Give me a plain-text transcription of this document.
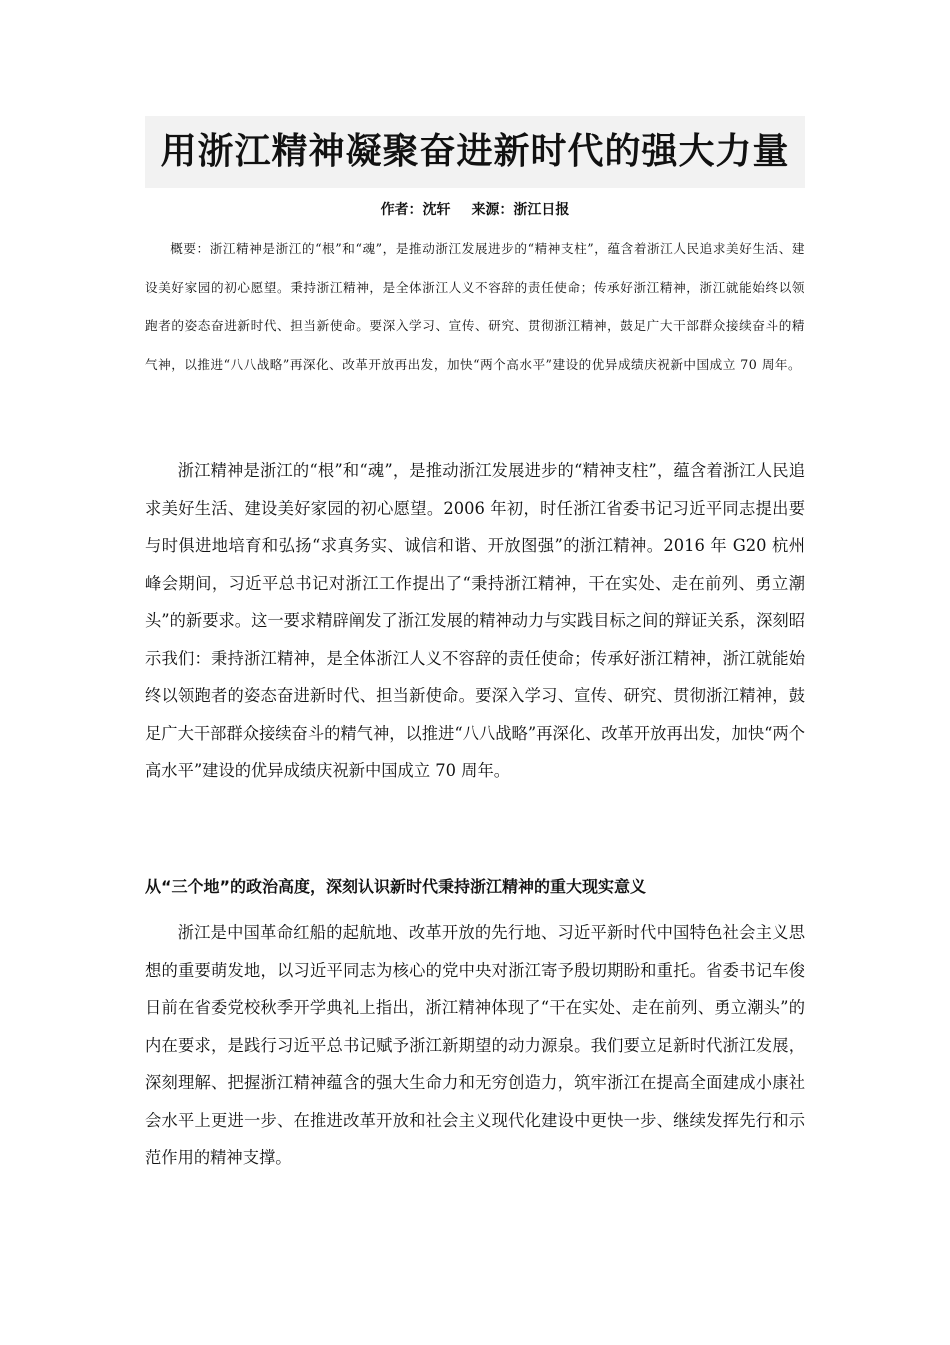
用浙江精神凝聚奋进新时代的强大力量
作者：沈轩 来源：浙江日报
概要：浙江精神是浙江的“根”和“魂”，是推动浙江发展进步的“精神支柱”，蕴含着浙江人民追求美好生活、建设美好家园的初心愿望。秉持浙江精神，是全体浙江人义不容辞的责任使命；传承好浙江精神，浙江就能始终以领跑者的姿态奋进新时代、担当新使命。要深入学习、宣传、研究、贯彻浙江精神，鼓足广大干部群众接续奋斗的精气神，以推进“八八战略”再深化、改革开放再出发，加快“两个高水平”建设的优异成绩庆祝新中国成立 70 周年。
浙江精神是浙江的“根”和“魂”，是推动浙江发展进步的“精神支柱”，蕴含着浙江人民追求美好生活、建设美好家园的初心愿望。2006 年初，时任浙江省委书记习近平同志提出要与时俱进地培育和弘扬“求真务实、诚信和谐、开放图强”的浙江精神。2016 年 G20 杭州峰会期间，习近平总书记对浙江工作提出了“秉持浙江精神，干在实处、走在前列、勇立潮头”的新要求。这一要求精辟阐发了浙江发展的精神动力与实践目标之间的辩证关系，深刻昭示我们：秉持浙江精神，是全体浙江人义不容辞的责任使命；传承好浙江精神，浙江就能始终以领跑者的姿态奋进新时代、担当新使命。要深入学习、宣传、研究、贯彻浙江精神，鼓足广大干部群众接续奋斗的精气神，以推进“八八战略”再深化、改革开放再出发，加快“两个高水平”建设的优异成绩庆祝新中国成立 70 周年。
从“三个地”的政治高度，深刻认识新时代秉持浙江精神的重大现实意义
浙江是中国革命红船的起航地、改革开放的先行地、习近平新时代中国特色社会主义思想的重要萌发地，以习近平同志为核心的党中央对浙江寄予殷切期盼和重托。省委书记车俊日前在省委党校秋季开学典礼上指出，浙江精神体现了“干在实处、走在前列、勇立潮头”的内在要求，是践行习近平总书记赋予浙江新期望的动力源泉。我们要立足新时代浙江发展，深刻理解、把握浙江精神蕴含的强大生命力和无穷创造力，筑牢浙江在提高全面建成小康社会水平上更进一步、在推进改革开放和社会主义现代化建设中更快一步、继续发挥先行和示范作用的精神支撑。
